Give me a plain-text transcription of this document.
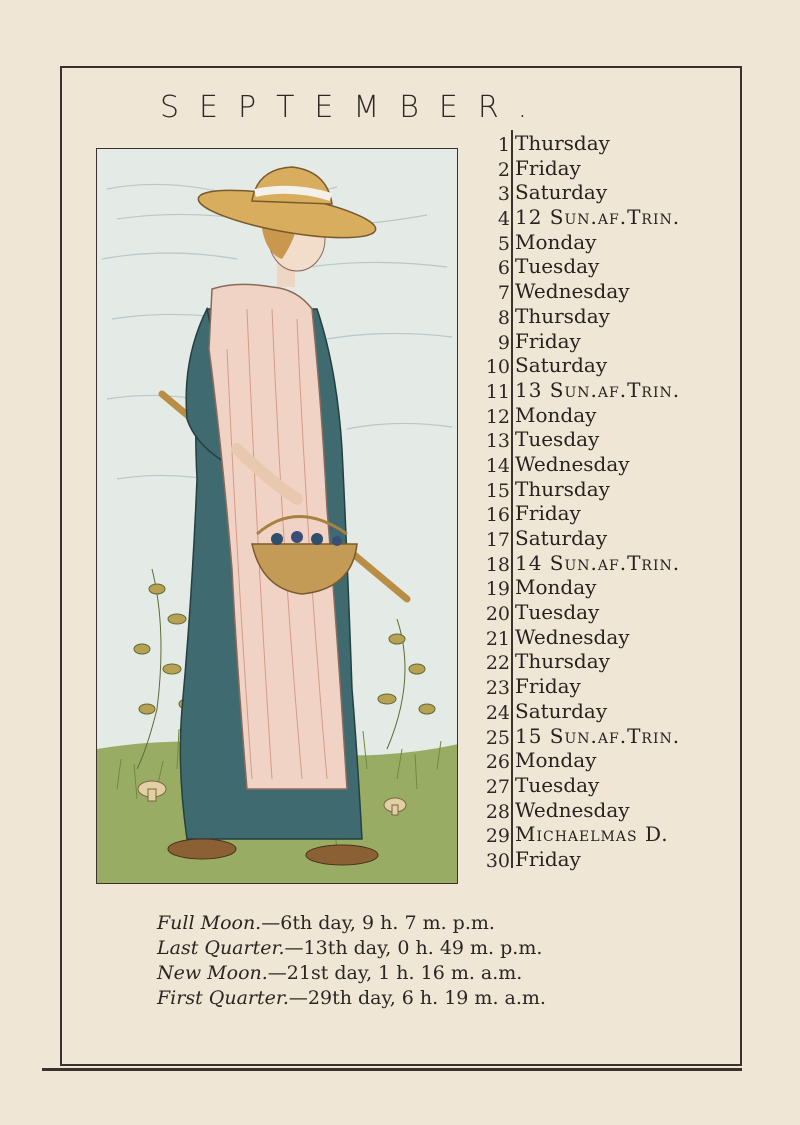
SEPTEMBER.
1 Thursday
2 Friday
3 Saturday
4 12 Sun.af.Trin.
5 Monday
6 Tuesday
7 Wednesday
8 Thursday
9 Friday
10 Saturday
11 13 Sun.af.Trin.
12 Monday
13 Tuesday
14 Wednesday
15 Thursday
16 Friday
17 Saturday
18 14 Sun.af.Trin.
19 Monday
20 Tuesday
21 Wednesday
22 Thursday
23 Friday
24 Saturday
25 15 Sun.af.Trin.
26 Monday
27 Tuesday
28 Wednesday
29 Michaelmas D.
30 Friday
Full Moon.—6th day, 9 h. 7 m. p.m.
Last Quarter.—13th day, 0 h. 49 m. p.m.
New Moon.—21st day, 1 h. 16 m. a.m.
First Quarter.—29th day, 6 h. 19 m. a.m.
